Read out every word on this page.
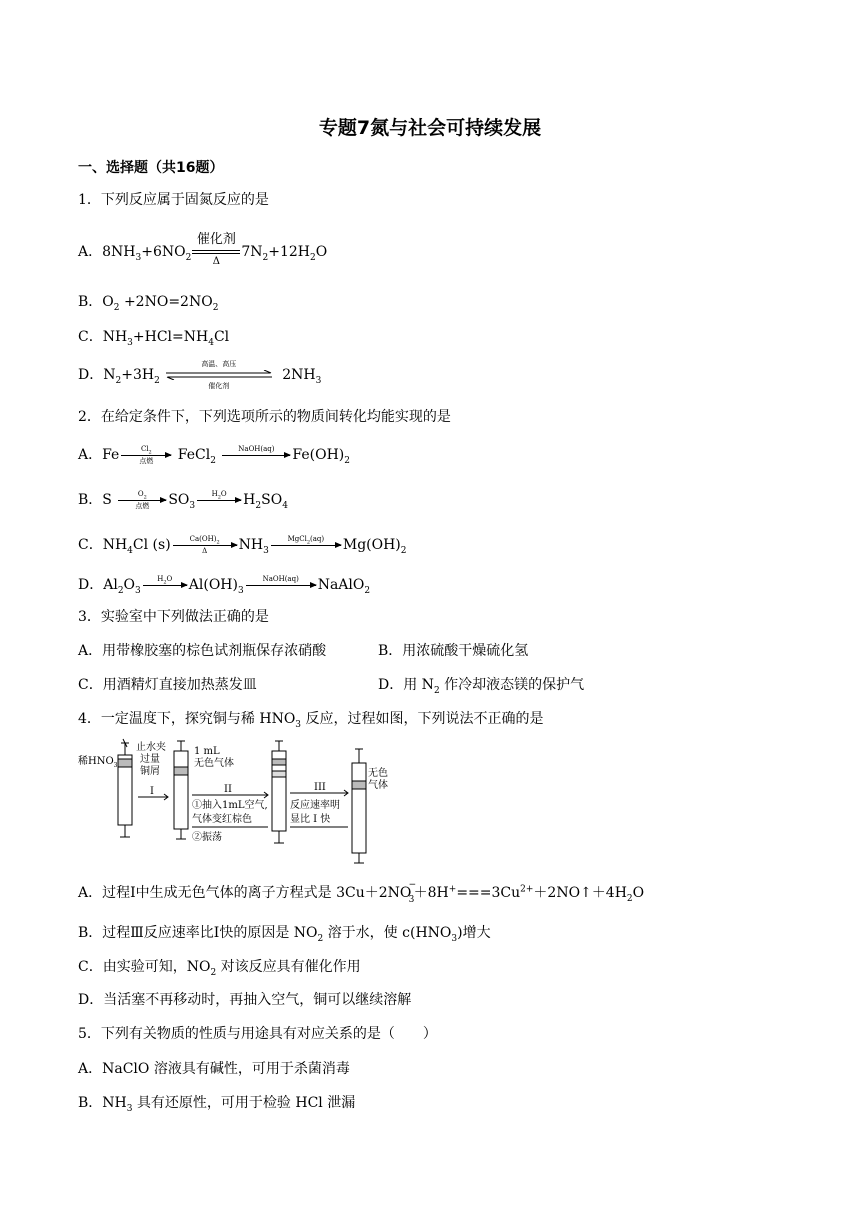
专题7氮与社会可持续发展
一、选择题（共16题）
1．下列反应属于固氮反应的是
A．$8NH_3+6NO_2$
催化剂
Δ
$7N_2+12H_2O$
B．$O_2 +2NO=2NO_2$
C．$NH_3+HCl=NH_4Cl$
D．$N_2+3H_2$
高温、高压
催化剂
$2NH_3$
2．在给定条件下，下列选项所示的物质间转化均能实现的是
A．Fe	$Cl_2$
点燃	FeCl$_2$
NaOH(aq)	$Fe(OH)_2$
B．S	$O_2$
点燃	$SO_3$
$H_2O$	$H_2SO_4$
C．$NH_4Cl$ $(s) \frac{Ca(OH)_2}{\Delta} NH_3$
MgCl$_2$(aq)	$Mg(OH)_2$
D．$Al_2O_3$
$H_2O$	$Al(OH)_3$
NaOH(aq)	NaAlO$_2$
3．实验室中下列做法正确的是
A．用带橡胶塞的棕色试剂瓶保存浓硝酸	B．用浓硫酸干燥硫化氢
C．用酒精灯直接加热蒸发皿	D．用 $N_2$ 作冷却液态镁的保护气
4．一定温度下，探究铜与稀 $HNO_3$ 反应，过程如图，下列说法不正确的是
稀$HNO_3$
止水夹
过量
铜屑
1 mL
无色气体
I	II	III
①抽入1mL空气,
气体变红棕色
②振荡
反应速率明
显比 I 快
无色
气体
A．过程Ⅰ中生成无色气体的离子方程式是 3Cu＋2NO
−
$3 +8H^+===3Cu^{2+}+2NO↑+4H_2O$
B．过程Ⅲ反应速率比Ⅰ快的原因是 $NO_2$ 溶于水，使 $c(HNO_3)$增大
C．由实验可知，$NO_2$ 对该反应具有催化作用
D．当活塞不再移动时，再抽入空气，铜可以继续溶解
5．下列有关物质的性质与用途具有对应关系的是（　　）
A．NaClO 溶液具有碱性，可用于杀菌消毒
B．$NH_3$ 具有还原性，可用于检验 HCl 泄漏
